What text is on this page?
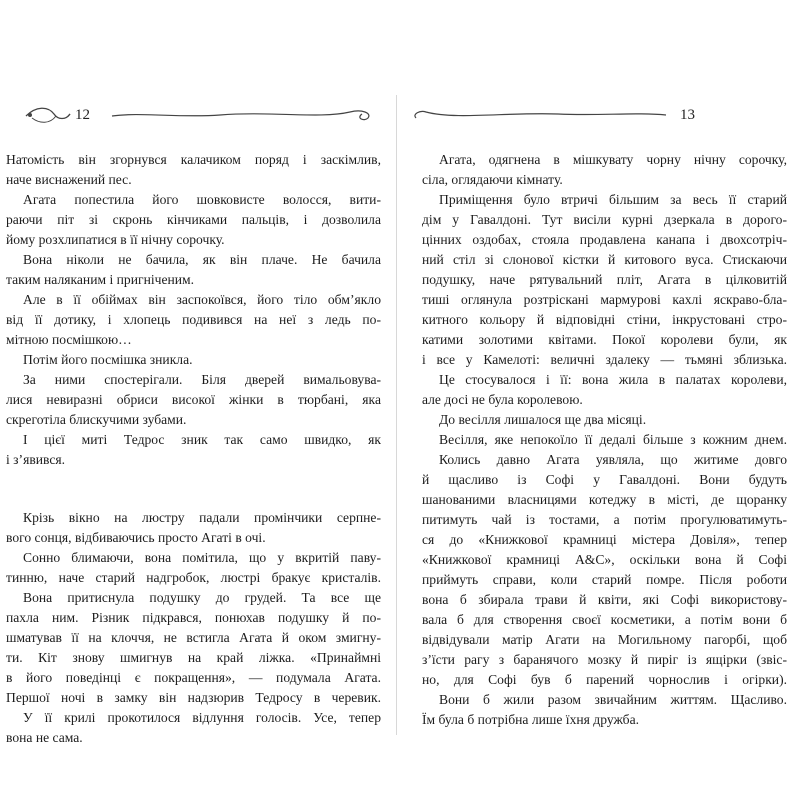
12
Натомість він згорнувся калачиком поряд і заскімлив,
наче виснажений пес.
Агата попестила його шовковисте волосся, вити-
раючи піт зі скронь кінчиками пальців, і дозволила
йому розхлипатися в її нічну сорочку.
Вона ніколи не бачила, як він плаче. Не бачила
таким наляканим і пригніченим.
Але в її обіймах він заспокоївся, його тіло обм’якло
від її дотику, і хлопець подивився на неї з ледь по-
мітною посмішкою…
Потім його посмішка зникла.
За ними спостерігали. Біля дверей вимальовува-
лися невиразні обриси високої жінки в тюрбані, яка
скреготіла блискучими зубами.
І цієї миті Тедрос зник так само швидко, як
і з’явився.
Крізь вікно на люстру падали промінчики серпне-
вого сонця, відбиваючись просто Агаті в очі.
Сонно блимаючи, вона помітила, що у вкритій паву-
тинню, наче старий надгробок, люстрі бракує кристалів.
Вона притиснула подушку до грудей. Та все ще
пахла ним. Різник підкрався, понюхав подушку й по-
шматував її на клоччя, не встигла Агата й оком змигну-
ти. Кіт знову шмигнув на край ліжка. «Принаймні
в його поведінці є покращення», — подумала Агата.
Першої ночі в замку він надзюрив Тедросу в черевик.
У її крилі прокотилося відлуння голосів. Усе, тепер
вона не сама.
13
Агата, одягнена в мішкувату чорну нічну сорочку,
сіла, оглядаючи кімнату.
Приміщення було втричі більшим за весь її старий
дім у Гавалдоні. Тут висіли курні дзеркала в дорого-
цінних оздобах, стояла продавлена канапа і двохсотріч-
ний стіл зі слонової кістки й китового вуса. Стискаючи
подушку, наче рятувальний пліт, Агата в цілковитій
тиші оглянула розтріскані мармурові кахлі яскраво-бла-
китного кольору й відповідні стіни, інкрустовані стро-
катими золотими квітами. Покої королеви були, як
і все у Камелоті: величні здалеку — тьмяні зблизька.
Це стосувалося і її: вона жила в палатах королеви,
але досі не була королевою.
До весілля лишалося ще два місяці.
Весілля, яке непокоїло її дедалі більше з кожним днем.
Колись давно Агата уявляла, що житиме довго
й щасливо із Софі у Гавалдоні. Вони будуть
шанованими власницями котеджу в місті, де щоранку
питимуть чай із тостами, а потім прогулюватимуть-
ся до «Книжкової крамниці містера Довіля», тепер
«Книжкової крамниці А&С», оскільки вона й Софі
приймуть справи, коли старий помре. Після роботи
вона б збирала трави й квіти, які Софі використову-
вала б для створення своєї косметики, а потім вони б
відвідували матір Агати на Могильному пагорбі, щоб
з’їсти рагу з баранячого мозку й пиріг із ящірки (звіс-
но, для Софі був б парений чорнослив і огірки).
Вони б жили разом звичайним життям. Щасливо.
Їм була б потрібна лише їхня дружба.
